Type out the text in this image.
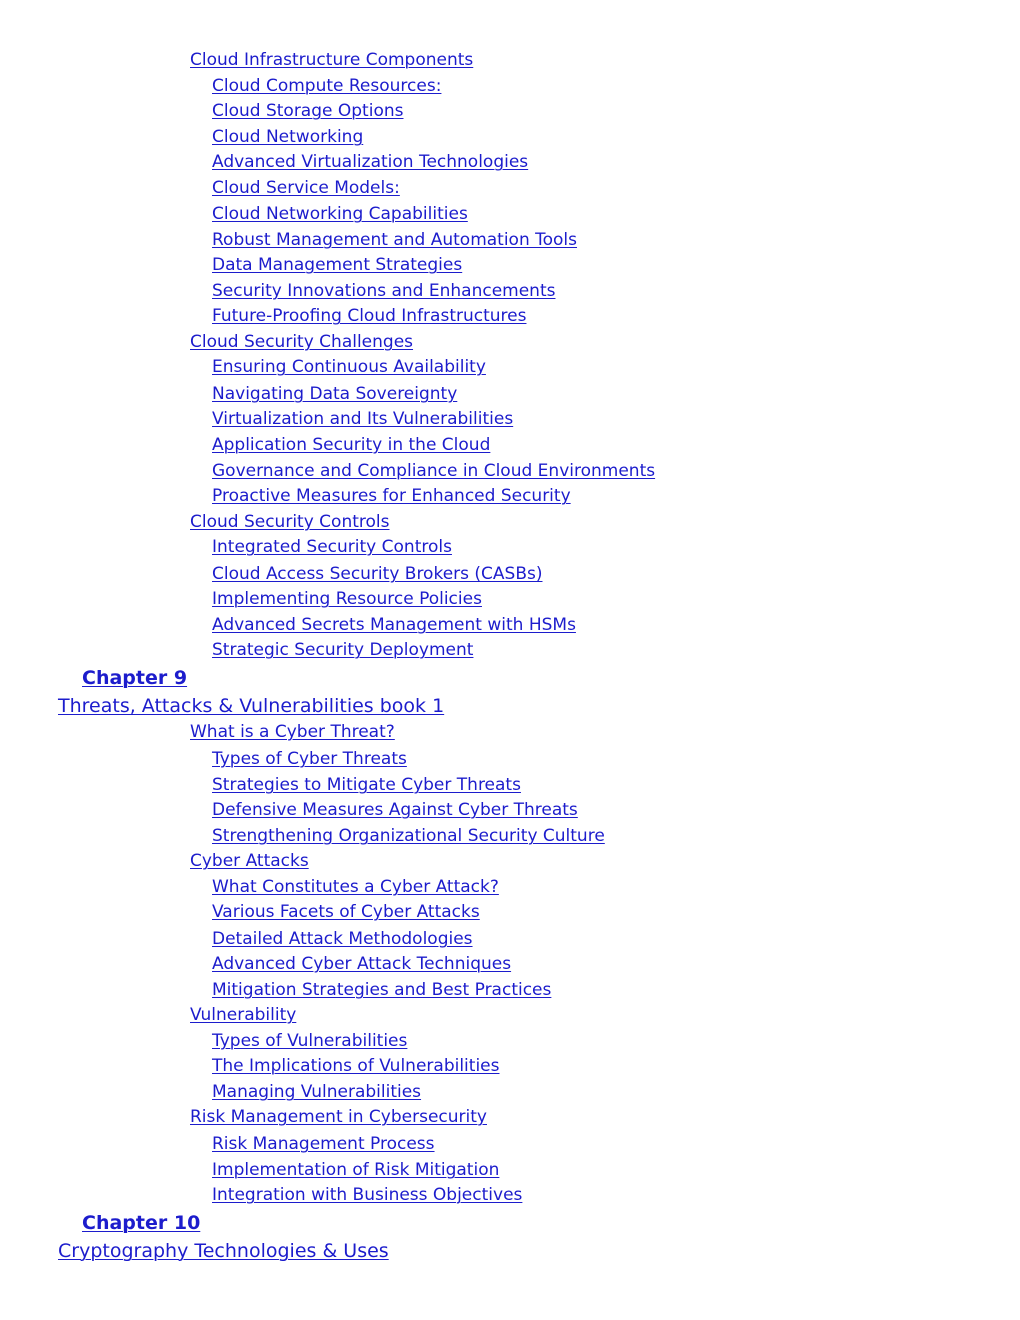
Cloud Infrastructure Components
Cloud Compute Resources:
Cloud Storage Options
Cloud Networking
Advanced Virtualization Technologies
Cloud Service Models:
Cloud Networking Capabilities
Robust Management and Automation Tools
Data Management Strategies
Security Innovations and Enhancements
Future-Proofing Cloud Infrastructures
Cloud Security Challenges
Ensuring Continuous Availability
Navigating Data Sovereignty
Virtualization and Its Vulnerabilities
Application Security in the Cloud
Governance and Compliance in Cloud Environments
Proactive Measures for Enhanced Security
Cloud Security Controls
Integrated Security Controls
Cloud Access Security Brokers (CASBs)
Implementing Resource Policies
Advanced Secrets Management with HSMs
Strategic Security Deployment
Chapter 9
Threats, Attacks & Vulnerabilities book 1
What is a Cyber Threat?
Types of Cyber Threats
Strategies to Mitigate Cyber Threats
Defensive Measures Against Cyber Threats
Strengthening Organizational Security Culture
Cyber Attacks
What Constitutes a Cyber Attack?
Various Facets of Cyber Attacks
Detailed Attack Methodologies
Advanced Cyber Attack Techniques
Mitigation Strategies and Best Practices
Vulnerability
Types of Vulnerabilities
The Implications of Vulnerabilities
Managing Vulnerabilities
Risk Management in Cybersecurity
Risk Management Process
Implementation of Risk Mitigation
Integration with Business Objectives
Chapter 10
Cryptography Technologies & Uses
